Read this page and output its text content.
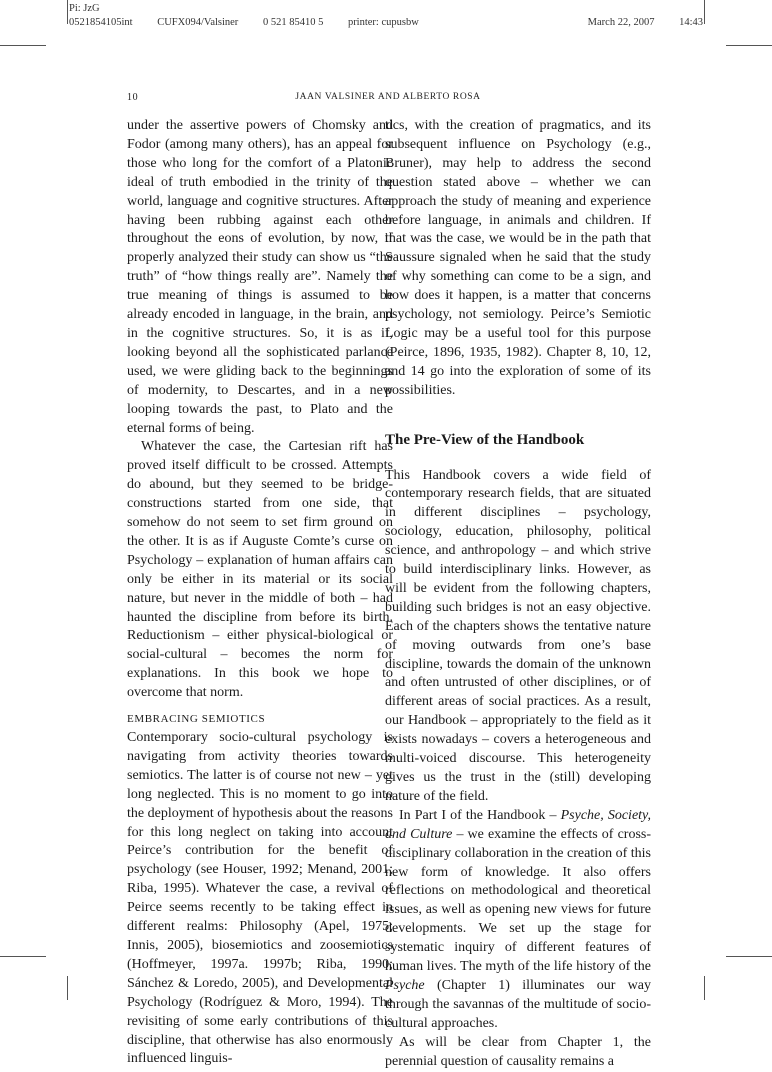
Pi: JzG
0521854105int CUFX094/Valsiner 0 521 85410 5 printer: cupusbw	March 22, 2007 14:43
10	JAAN VALSINER AND ALBERTO ROSA

under the assertive powers of Chomsky and Fodor (among many others), has an appeal for those who long for the comfort of a Platonic ideal of truth embodied in the trinity of the world, language and cognitive structures. After having been rubbing against each other throughout the eons of evolution, by now, if properly analyzed their study can show us “the truth” of “how things really are”. Namely the true meaning of things is assumed to be already encoded in language, in the brain, and in the cognitive structures. So, it is as if, looking beyond all the sophisticated parlance used, we were gliding back to the beginnings of modernity, to Descartes, and in a new looping towards the past, to Plato and the eternal forms of being.

Whatever the case, the Cartesian rift has proved itself difficult to be crossed. Attempts do abound, but they seemed to be bridge-constructions started from one side, that somehow do not seem to set firm ground on the other. It is as if Auguste Comte’s curse on Psychology – explanation of human affairs can only be either in its material or its social nature, but never in the middle of both – had haunted the discipline from before its birth. Reductionism – either physical-biological or social-cultural – becomes the norm for explanations. In this book we hope to overcome that norm.

EMBRACING SEMIOTICS

Contemporary socio-cultural psychology is navigating from activity theories towards semiotics. The latter is of course not new – yet long neglected. This is no moment to go into the deployment of hypothesis about the reasons for this long neglect on taking into account Peirce’s contribution for the benefit of psychology (see Houser, 1992; Menand, 2001; Riba, 1995). Whatever the case, a revival of Peirce seems recently to be taking effect in different realms: Philosophy (Apel, 1975; Innis, 2005), biosemiotics and zoosemiotics (Hoffmeyer, 1997a. 1997b; Riba, 1990; Sánchez & Loredo, 2005), and Developmental Psychology (Rodríguez & Moro, 1994). The revisiting of some early contributions of this discipline, that otherwise has also enormously influenced linguis-

tics, with the creation of pragmatics, and its subsequent influence on Psychology (e.g., Bruner), may help to address the second question stated above – whether we can approach the study of meaning and experience before language, in animals and children. If that was the case, we would be in the path that Saussure signaled when he said that the study of why something can come to be a sign, and how does it happen, is a matter that concerns psychology, not semiology. Peirce’s Semiotic Logic may be a useful tool for this purpose (Peirce, 1896, 1935, 1982). Chapter 8, 10, 12, and 14 go into the exploration of some of its possibilities.

The Pre-View of the Handbook

This Handbook covers a wide field of contemporary research fields, that are situated in different disciplines – psychology, sociology, education, philosophy, political science, and anthropology – and which strive to build interdisciplinary links. However, as will be evident from the following chapters, building such bridges is not an easy objective. Each of the chapters shows the tentative nature of moving outwards from one’s base discipline, towards the domain of the unknown and often untrusted of other disciplines, or of different areas of social practices. As a result, our Handbook – appropriately to the field as it exists nowadays – covers a heterogeneous and multi-voiced discourse. This heterogeneity gives us the trust in the (still) developing nature of the field.

In Part I of the Handbook – Psyche, Society, and Culture – we examine the effects of cross-disciplinary collaboration in the creation of this new form of knowledge. It also offers reflections on methodological and theoretical issues, as well as opening new views for future developments. We set up the stage for systematic inquiry of different features of human lives. The myth of the life history of the Psyche (Chapter 1) illuminates our way through the savannas of the multitude of socio-cultural approaches.

As will be clear from Chapter 1, the perennial question of causality remains a
